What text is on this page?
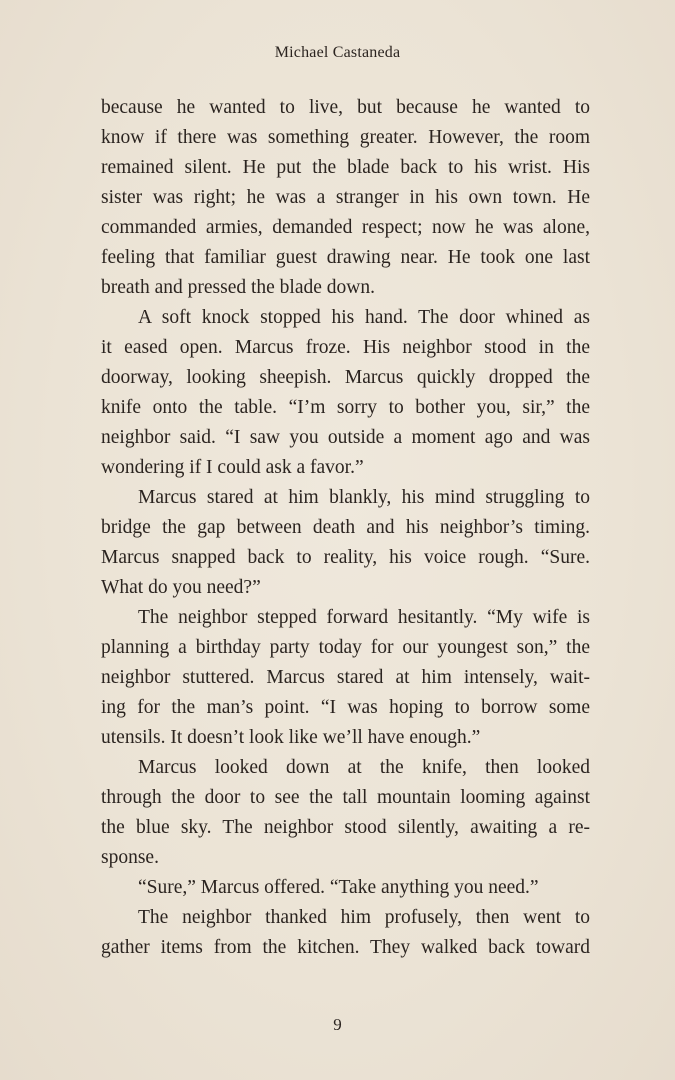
Michael Castaneda
because he wanted to live, but because he wanted to
know if there was something greater. However, the room
remained silent. He put the blade back to his wrist. His
sister was right; he was a stranger in his own town. He
commanded armies, demanded respect; now he was alone,
feeling that familiar guest drawing near. He took one last
breath and pressed the blade down.
A soft knock stopped his hand. The door whined as
it eased open. Marcus froze. His neighbor stood in the
doorway, looking sheepish. Marcus quickly dropped the
knife onto the table. “I’m sorry to bother you, sir,” the
neighbor said. “I saw you outside a moment ago and was
wondering if I could ask a favor.”
Marcus stared at him blankly, his mind struggling to
bridge the gap between death and his neighbor’s timing.
Marcus snapped back to reality, his voice rough. “Sure.
What do you need?”
The neighbor stepped forward hesitantly. “My wife is
planning a birthday party today for our youngest son,” the
neighbor stuttered. Marcus stared at him intensely, wait-
ing for the man’s point. “I was hoping to borrow some
utensils. It doesn’t look like we’ll have enough.”
Marcus looked down at the knife, then looked
through the door to see the tall mountain looming against
the blue sky. The neighbor stood silently, awaiting a re-
sponse.
“Sure,” Marcus offered. “Take anything you need.”
The neighbor thanked him profusely, then went to
gather items from the kitchen. They walked back toward
9
